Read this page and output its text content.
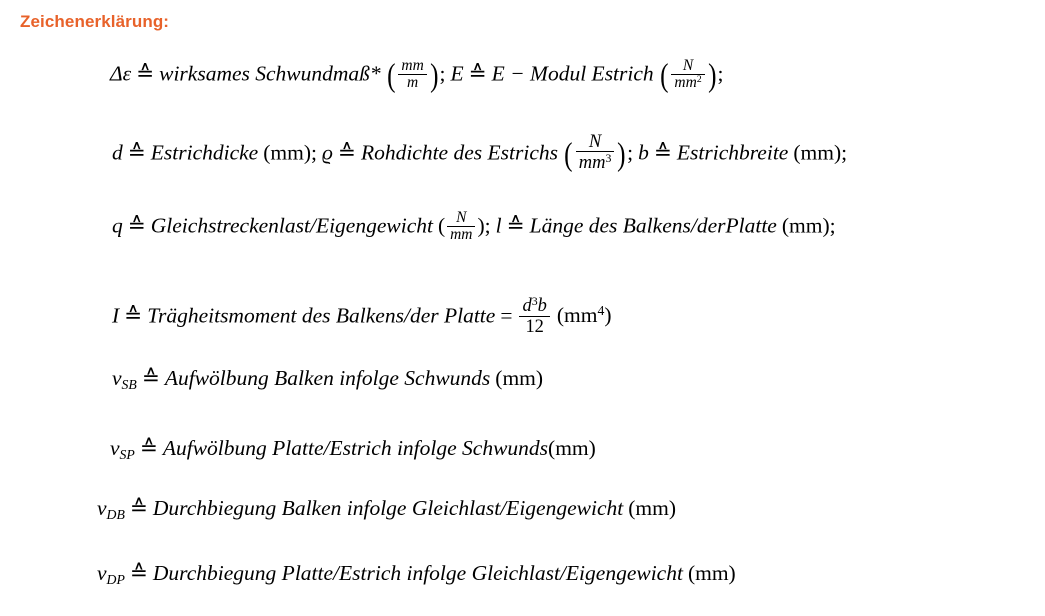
Zeichenerklärung:
Δε ≙ wirksames Schwundmaß* ( $\frac{mm}{m}$ ); E ≙ E − Modul Estrich ( $\frac{N}{mm^2}$ );
d ≙ Estrichdicke (mm); ϱ ≙ Rohdichte des Estrichs ( $\frac{N}{mm^3}$ ); b ≙ Estrichbreite (mm);
q ≙ Gleichstreckenlast/Eigengewicht ( $\frac{N}{mm}$ ); l ≙ Länge des Balkens/derPlatte (mm);
I ≙ Trägheitsmoment des Balkens/der Platte = $\frac{d^3b}{12} (mm^4)$
$v_{SB}$ ≙ Aufwölbung Balken infolge Schwunds (mm)
$v_{SP}$ ≙ Aufwölbung Platte/Estrich infolge Schwunds(mm)
$v_{DB}$ ≙ Durchbiegung Balken infolge Gleichlast/Eigengewicht (mm)
$v_{DP}$ ≙ Durchbiegung Platte/Estrich infolge Gleichlast/Eigengewicht (mm)
